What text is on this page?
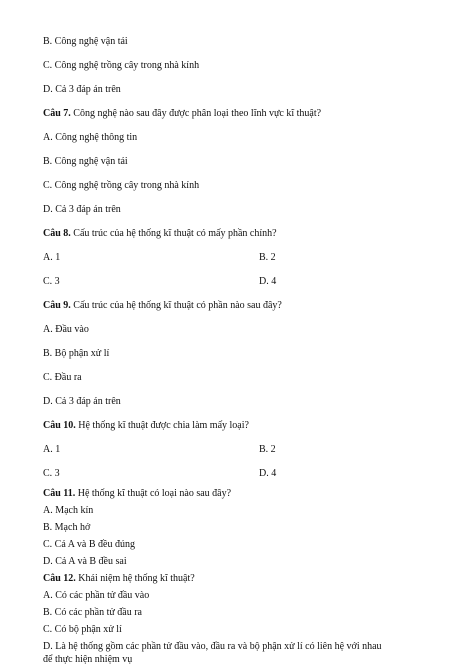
B. Công nghệ vận tải
C. Công nghệ trồng cây trong nhà kính
D. Cả 3 đáp án trên
Câu 7. Công nghệ nào sau đây được phân loại theo lĩnh vực kĩ thuật?
A. Công nghệ thông tin
B. Công nghệ vận tải
C. Công nghệ trồng cây trong nhà kính
D. Cả 3 đáp án trên
Câu 8. Cấu trúc của hệ thống kĩ thuật có mấy phần chính?
A. 1	B. 2
C. 3	D. 4
Câu 9. Cấu trúc của hệ thống kĩ thuật có phần nào sau đây?
A. Đầu vào
B. Bộ phận xử lí
C. Đầu ra
D. Cả 3 đáp án trên
Câu 10. Hệ thống kĩ thuật được chia làm mấy loại?
A. 1	B. 2
C. 3	D. 4
Câu 11. Hệ thống kĩ thuật có loại nào sau đây?
A. Mạch kín
B. Mạch hở
C. Cả A và B đều đúng
D. Cả A và B đều sai
Câu 12. Khái niệm hệ thống kĩ thuật?
A. Có các phần tử đầu vào
B. Có các phần tử đầu ra
C. Có bộ phận xử lí
D. Là hệ thống gồm các phần tử đầu vào, đầu ra và bộ phận xử lí có liên hệ với nhau
để thực hiện nhiệm vụ
